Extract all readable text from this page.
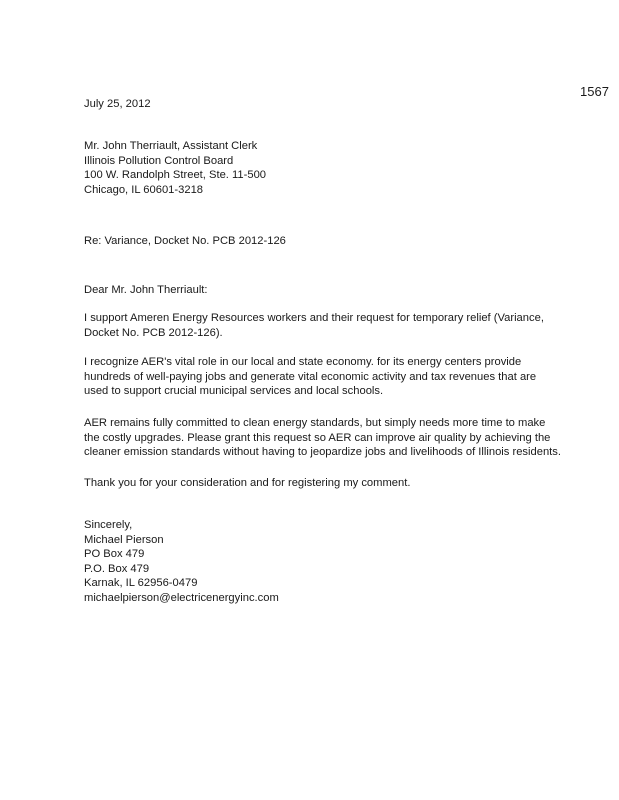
1567
July 25, 2012
Mr. John Therriault, Assistant Clerk
Illinois Pollution Control Board
100 W. Randolph Street, Ste. 11-500
Chicago, IL 60601-3218
Re: Variance, Docket No. PCB 2012-126
Dear Mr. John Therriault:
I support Ameren Energy Resources workers and their request for temporary relief (Variance,
Docket No. PCB 2012-126).
I recognize AER's vital role in our local and state economy. for its energy centers provide
hundreds of well-paying jobs and generate vital economic activity and tax revenues that are
used to support crucial municipal services and local schools.
AER remains fully committed to clean energy standards, but simply needs more time to make
the costly upgrades. Please grant this request so AER can improve air quality by achieving the
cleaner emission standards without having to jeopardize jobs and livelihoods of Illinois residents.
Thank you for your consideration and for registering my comment.
Sincerely,
Michael Pierson
PO Box 479
P.O. Box 479
Karnak, IL 62956-0479
michaelpierson@electricenergyinc.com
